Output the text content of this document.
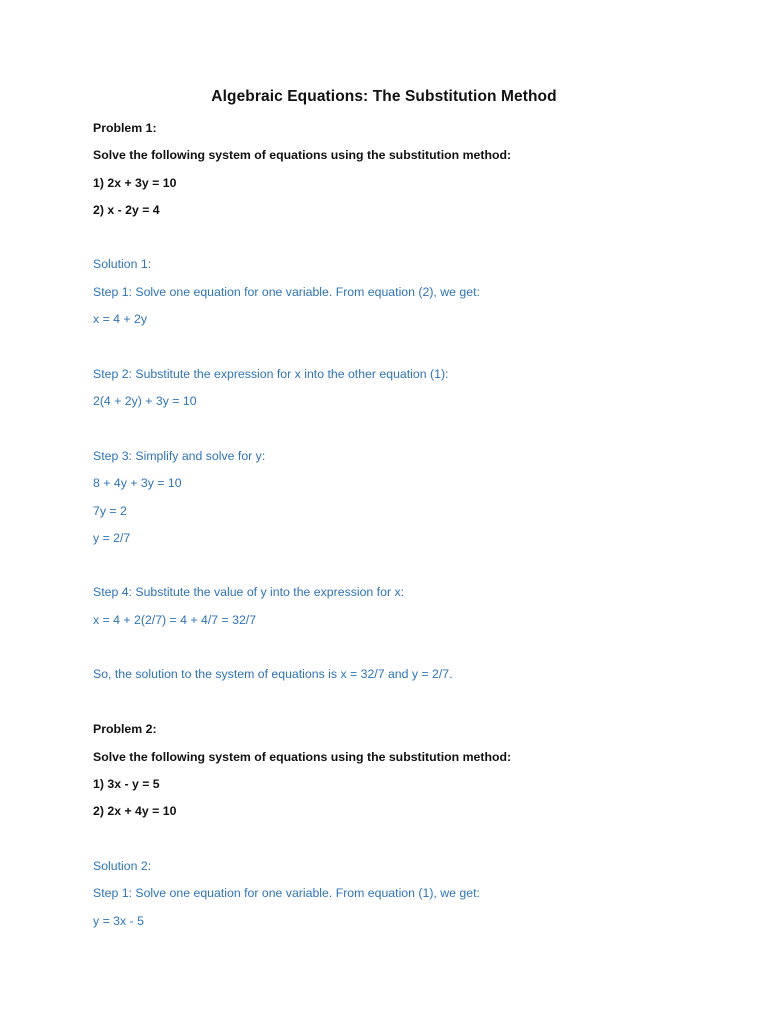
Algebraic Equations: The Substitution Method
Problem 1:
Solve the following system of equations using the substitution method:
1) 2x + 3y = 10
2) x - 2y = 4
Solution 1:
Step 1: Solve one equation for one variable. From equation (2), we get:
x = 4 + 2y
Step 2: Substitute the expression for x into the other equation (1):
2(4 + 2y) + 3y = 10
Step 3: Simplify and solve for y:
8 + 4y + 3y = 10
7y = 2
y = 2/7
Step 4: Substitute the value of y into the expression for x:
x = 4 + 2(2/7) = 4 + 4/7 = 32/7
So, the solution to the system of equations is x = 32/7 and y = 2/7.
Problem 2:
Solve the following system of equations using the substitution method:
1) 3x - y = 5
2) 2x + 4y = 10
Solution 2:
Step 1: Solve one equation for one variable. From equation (1), we get:
y = 3x - 5
